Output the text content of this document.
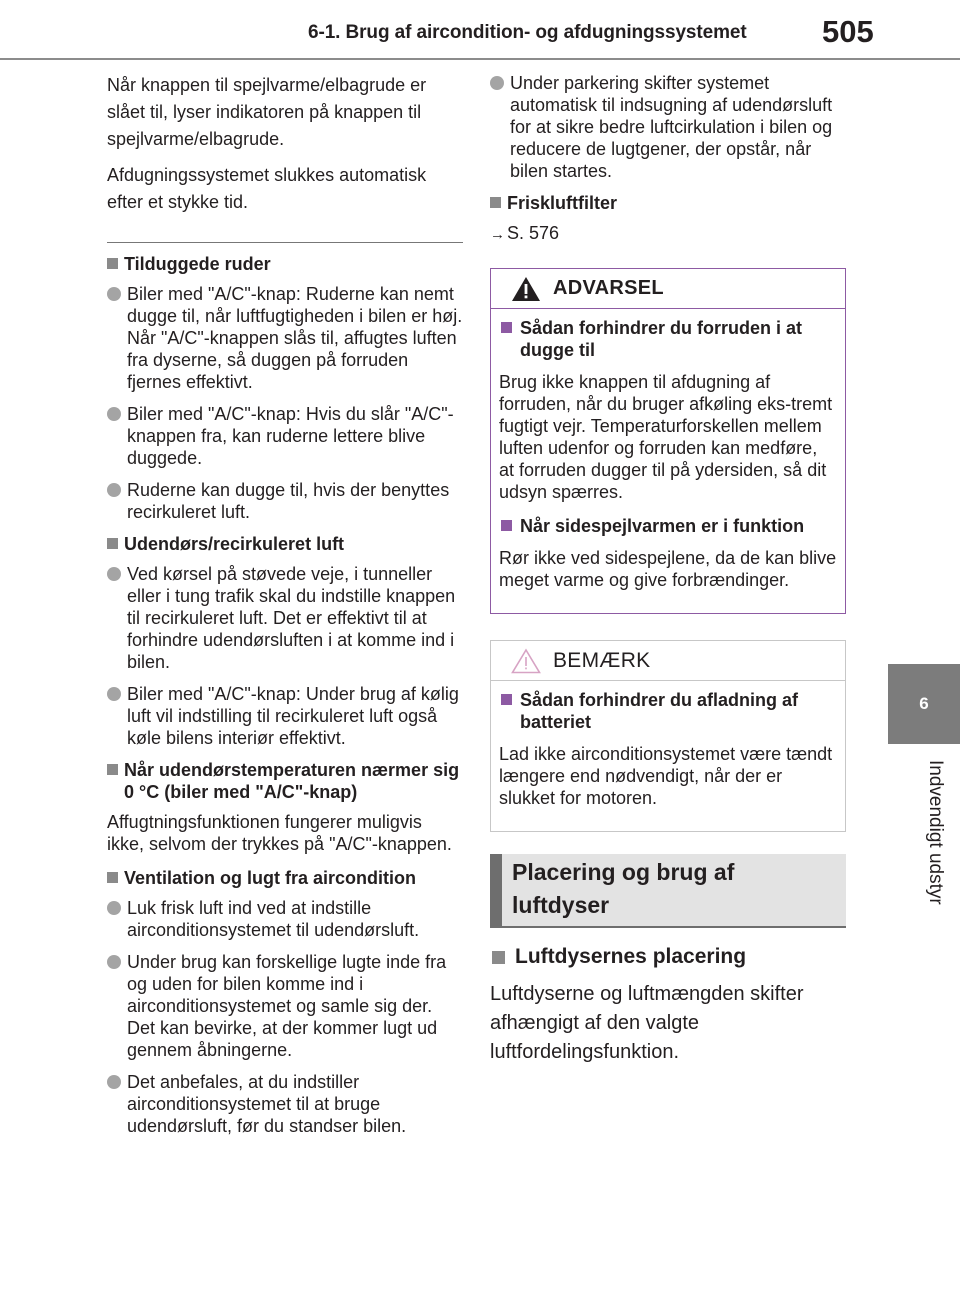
6-1. Brug af aircondition- og afdugningssystemet 505
6
Indvendigt udstyr

Når knappen til spejlvarme/elbagrude er slået til, lyser indikatoren på knappen til spejlvarme/elbagrude.

Afdugningssystemet slukkes automatisk efter et stykke tid.

Tilduggede ruder
Biler med "A/C"-knap: Ruderne kan nemt dugge til, når luftfugtigheden i bilen er høj. Når "A/C"-knappen slås til, affugtes luften fra dyserne, så duggen på forruden fjernes effektivt.
Biler med "A/C"-knap: Hvis du slår "A/C"-knappen fra, kan ruderne lettere blive duggede.
Ruderne kan dugge til, hvis der benyttes recirkuleret luft.
Udendørs/recirkuleret luft
Ved kørsel på støvede veje, i tunneller eller i tung trafik skal du indstille knappen til recirkuleret luft. Det er effektivt til at forhindre udendørsluften i at komme ind i bilen.
Biler med "A/C"-knap: Under brug af kølig luft vil indstilling til recirkuleret luft også køle bilens interiør effektivt.
Når udendørstemperaturen nærmer sig 0 °C (biler med "A/C"-knap)
Affugtningsfunktionen fungerer muligvis ikke, selvom der trykkes på "A/C"-knappen.
Ventilation og lugt fra aircondition
Luk frisk luft ind ved at indstille airconditionsystemet til udendørsluft.
Under brug kan forskellige lugte inde fra og uden for bilen komme ind i airconditionsystemet og samle sig der. Det kan bevirke, at der kommer lugt ud gennem åbningerne.
Det anbefales, at du indstiller airconditionsystemet til at bruge udendørsluft, før du standser bilen.
Under parkering skifter systemet automatisk til indsugning af udendørsluft for at sikre bedre luftcirkulation i bilen og reducere de lugtgener, der opstår, når bilen startes.
Friskluftfilter
→ S. 576
ADVARSEL
Sådan forhindrer du forruden i at dugge til
Brug ikke knappen til afdugning af forruden, når du bruger afkøling eks-tremt fugtigt vejr. Temperaturforskellen mellem luften udenfor og forruden kan medføre, at forruden dugger til på ydersiden, så dit udsyn spærres.
Når sidespejlvarmen er i funktion
Rør ikke ved sidespejlene, da de kan blive meget varme og give forbrændinger.
BEMÆRK
Sådan forhindrer du afladning af batteriet
Lad ikke airconditionsystemet være tændt længere end nødvendigt, når der er slukket for motoren.
Placering og brug af luftdyser
Luftdysernes placering

Luftdyserne og luftmængden skifter afhængigt af den valgte luftfordelingsfunktion.
